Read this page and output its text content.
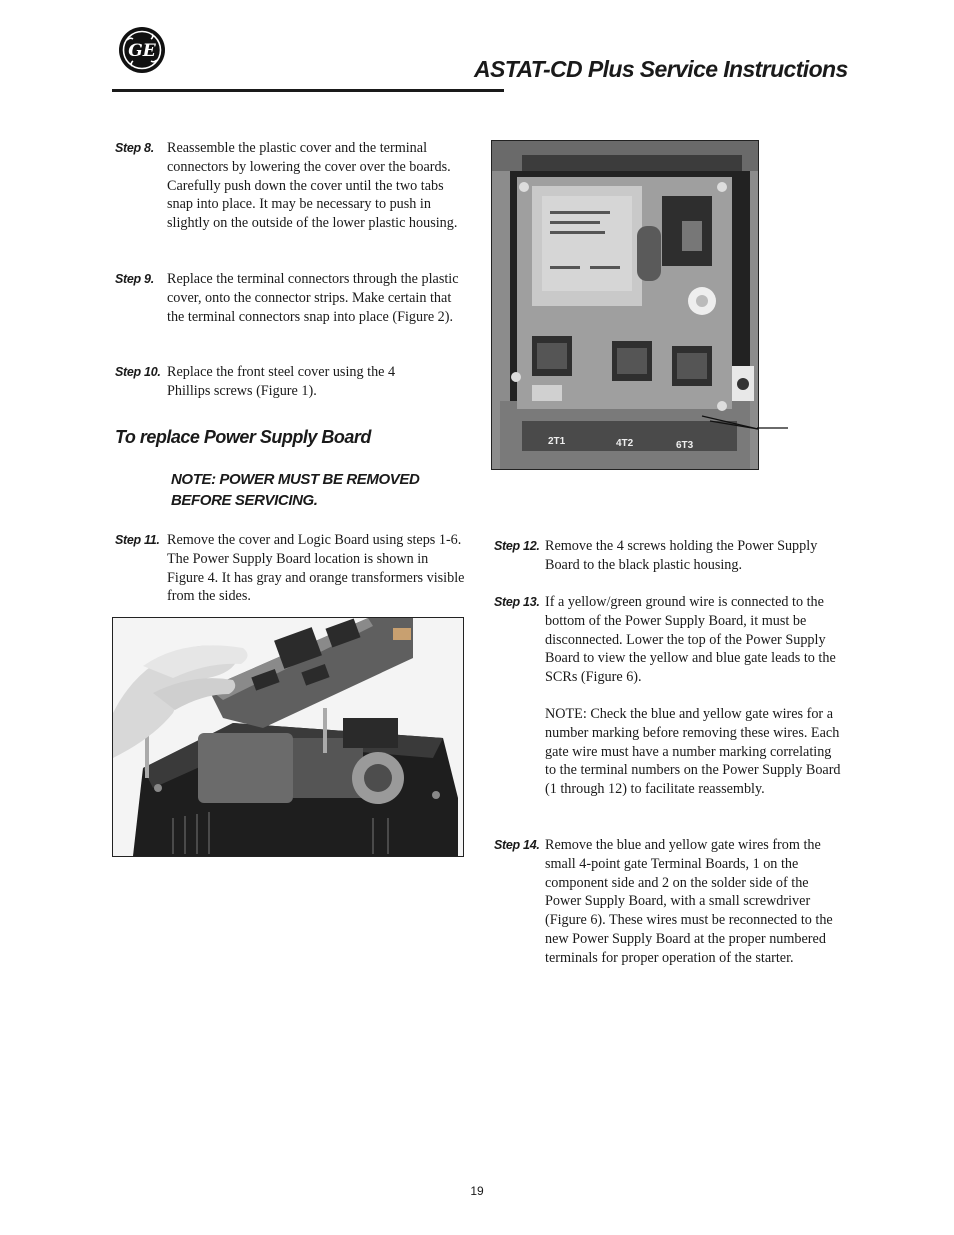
GE
ASTAT-CD Plus Service Instructions
Step 8. Reassemble the plastic cover and the terminal connectors by lowering the cover over the boards. Carefully push down the cover until the two tabs snap into place. It may be necessary to push in slightly on the outside of the lower plastic housing.
Step 9. Replace the terminal connectors through the plastic cover, onto the connector strips. Make certain that the terminal connectors snap into place (Figure 2).
Step 10. Replace the front steel cover using the 4 Phillips screws (Figure 1).
To replace Power Supply Board
NOTE: POWER MUST BE REMOVED BEFORE SERVICING.
Step 11. Remove the cover and Logic Board using steps 1-6. The Power Supply Board location is shown in Figure 4. It has gray and orange transformers visible from the sides.
2T1	4T2	6T3
Step 12. Remove the 4 screws holding the Power Supply Board to the black plastic housing.
Step 13. If a yellow/green ground wire is connected to the bottom of the Power Supply Board, it must be disconnected. Lower the top of the Power Supply Board to view the yellow and blue gate leads to the SCRs (Figure 6).
NOTE: Check the blue and yellow gate wires for a number marking before removing these wires. Each gate wire must have a number marking correlating to the terminal numbers on the Power Supply Board (1 through 12) to facilitate reassembly.
Step 14. Remove the blue and yellow gate wires from the small 4-point gate Terminal Boards, 1 on the component side and 2 on the solder side of the Power Supply Board, with a small screwdriver (Figure 6). These wires must be reconnected to the new Power Supply Board at the proper numbered terminals for proper operation of the starter.
19
